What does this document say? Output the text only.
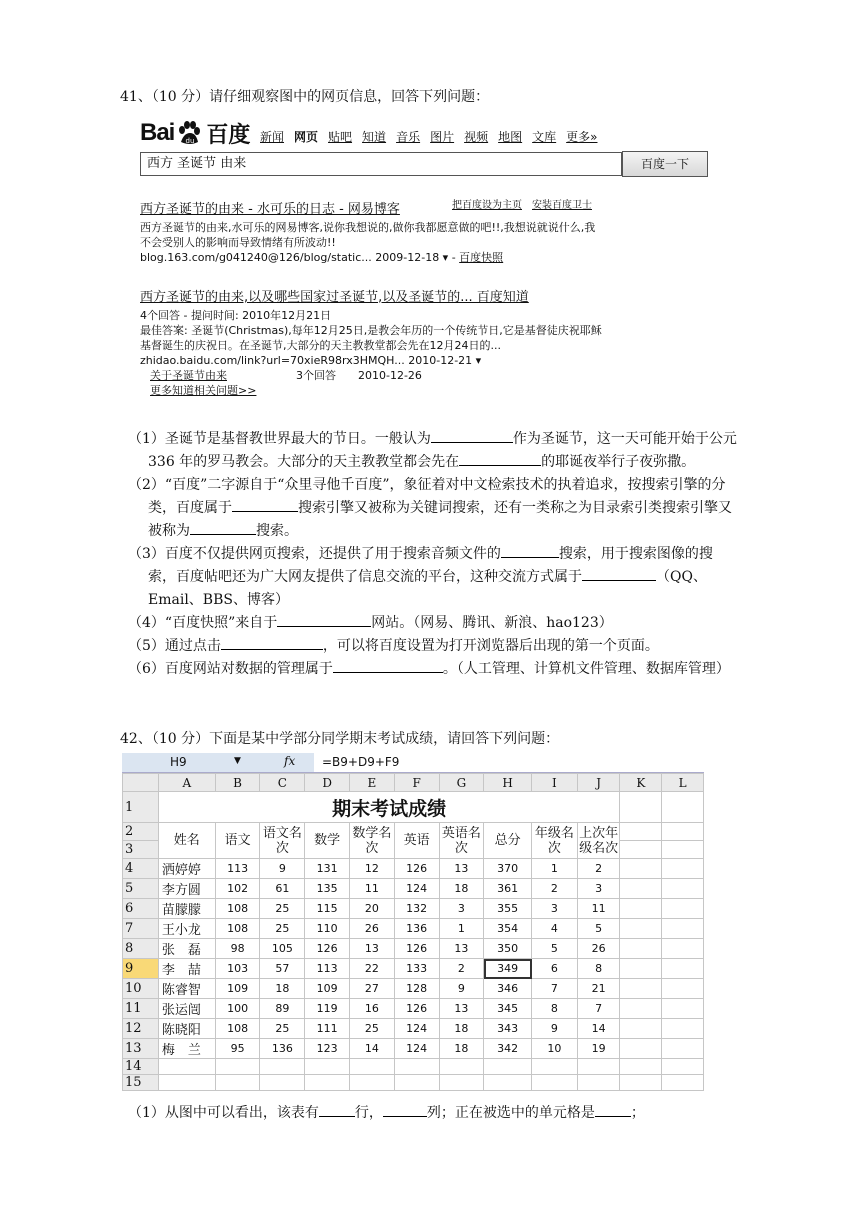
41、（10 分）请仔细观察图中的网页信息，回答下列问题：
Bai du 百度 新闻 网页 贴吧 知道 音乐 图片 视频 地图 文库 更多»
西方 圣诞节 由来	百度一下
把百度设为主页 安装百度卫士
西方圣诞节的由来 - 水可乐的日志 - 网易博客
西方圣诞节的由来,水可乐的网易博客,说你我想说的,做你我都愿意做的吧!!,我想说就说什么,我
不会受别人的影响而导致情绪有所波动!!
blog.163.com/g041240@126/blog/static... 2009-12-18 ▾ - 百度快照
西方圣诞节的由来,以及哪些国家过圣诞节,以及圣诞节的... 百度知道
4个回答 - 提问时间: 2010年12月21日
最佳答案: 圣诞节(Christmas),每年12月25日,是教会年历的一个传统节日,它是基督徒庆祝耶稣
基督诞生的庆祝日。在圣诞节,大部分的天主教教堂都会先在12月24日的...
zhidao.baidu.com/link?url=70xieR98rx3HMQH... 2010-12-21 ▾
关于圣诞节由来	3个回答 2010-12-26
更多知道相关问题>>
（1）圣诞节是基督教世界最大的节日。一般认为	作为圣诞节，这一天可能开始于公元 336 年的罗马教会。大部分的天主教教堂都会先在	的耶诞夜举行子夜弥撒。
（2）“百度”二字源自于“众里寻他千百度”，象征着对中文检索技术的执着追求，按搜索引擎的分类，百度属于	搜索引擎又被称为关键词搜索，还有一类称之为目录索引类搜索引擎又被称为	搜索。
（3）百度不仅提供网页搜索，还提供了用于搜索音频文件的	搜索，用于搜索图像的搜索，百度帖吧还为广大网友提供了信息交流的平台，这种交流方式属于	（QQ、Email、BBS、博客）
（4）“百度快照”来自于	网站。（网易、腾讯、新浪、hao123）
（5）通过点击	，可以将百度设置为打开浏览器后出现的第一个页面。
（6）百度网站对数据的管理属于	。（人工管理、计算机文件管理、数据库管理）
42、（10 分）下面是某中学部分同学期末考试成绩，请回答下列问题：
H9	▼	fx =B9+D9+F9
	A	B	C	D	E	F	G	H	I	J	K	L
1	期末考试成绩											
2	姓名	语文	语文名次	数学	数学名次	英语	英语名次	总分	年级名次	上次年级名次		
3												
4	洒婷婷	113	9	131	12	126	13	370	1	2		
5	李方圆	102	61	135	11	124	18	361	2	3		
6	苗朦朦	108	25	115	20	132	3	355	3	11		
7	王小龙	108	25	110	26	136	1	354	4	5		
8	张　磊	98	105	126	13	126	13	350	5	26		
9	李　喆	103	57	113	22	133	2	349	6	8		
10	陈睿智	109	18	109	27	128	9	346	7	21		
11	张运闿	100	89	119	16	126	13	345	8	7		
12	陈晓阳	108	25	111	25	124	18	343	9	14		
13	梅　兰	95	136	123	14	124	18	342	10	19		
14												
15												
（1）从图中可以看出，该表有	行，	列；正在被选中的单元格是	；
